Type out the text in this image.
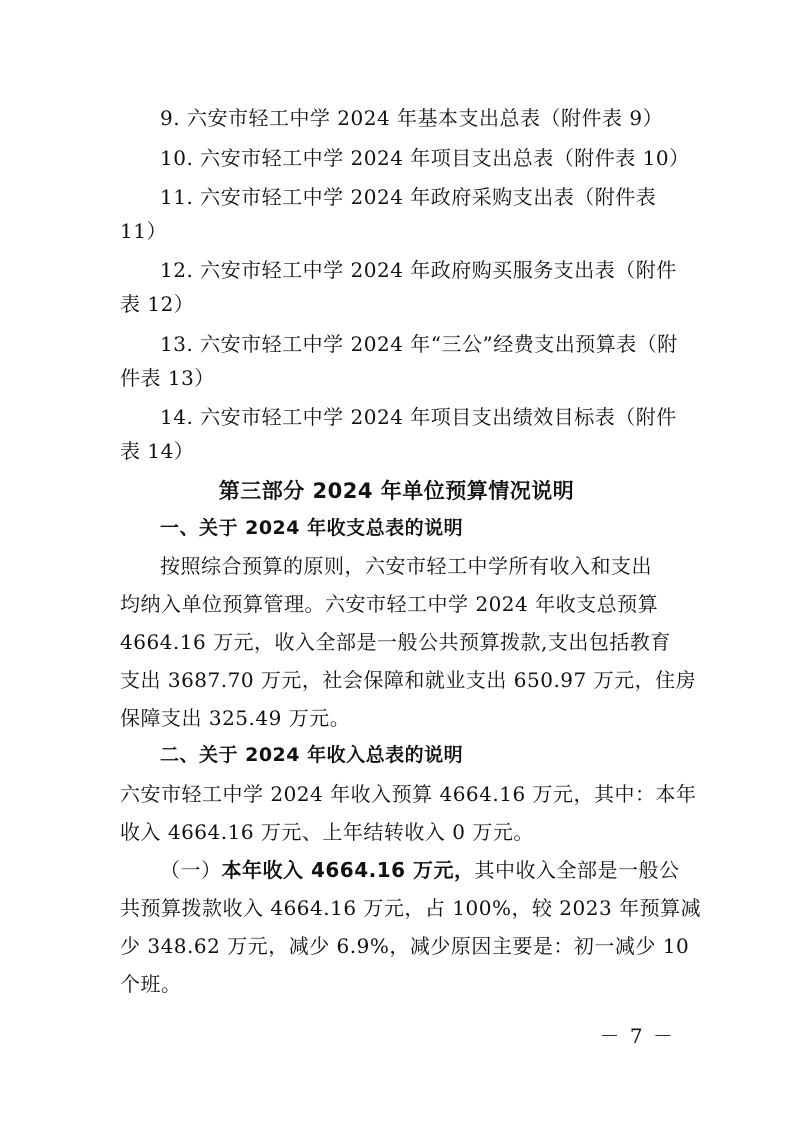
9. 六安市轻工中学 2024 年基本支出总表（附件表 9）
10. 六安市轻工中学 2024 年项目支出总表（附件表 10）
11. 六安市轻工中学 2024 年政府采购支出表（附件表
11）
12. 六安市轻工中学 2024 年政府购买服务支出表（附件
表 12）
13. 六安市轻工中学 2024 年“三公”经费支出预算表（附
件表 13）
14. 六安市轻工中学 2024 年项目支出绩效目标表（附件
表 14）
第三部分 2024 年单位预算情况说明
一、关于 2024 年收支总表的说明
按照综合预算的原则，六安市轻工中学所有收入和支出
均纳入单位预算管理。六安市轻工中学 2024 年收支总预算
4664.16 万元，收入全部是一般公共预算拨款,支出包括教育
支出 3687.70 万元，社会保障和就业支出 650.97 万元，住房
保障支出 325.49 万元。
二、关于 2024 年收入总表的说明
六安市轻工中学 2024 年收入预算 4664.16 万元，其中：本年
收入 4664.16 万元、上年结转收入 0 万元。
（一）本年收入 4664.16 万元，其中收入全部是一般公
共预算拨款收入 4664.16 万元，占 100%，较 2023 年预算减
少 348.62 万元，减少 6.9%，减少原因主要是：初一减少 10
个班。
－ 7 －
